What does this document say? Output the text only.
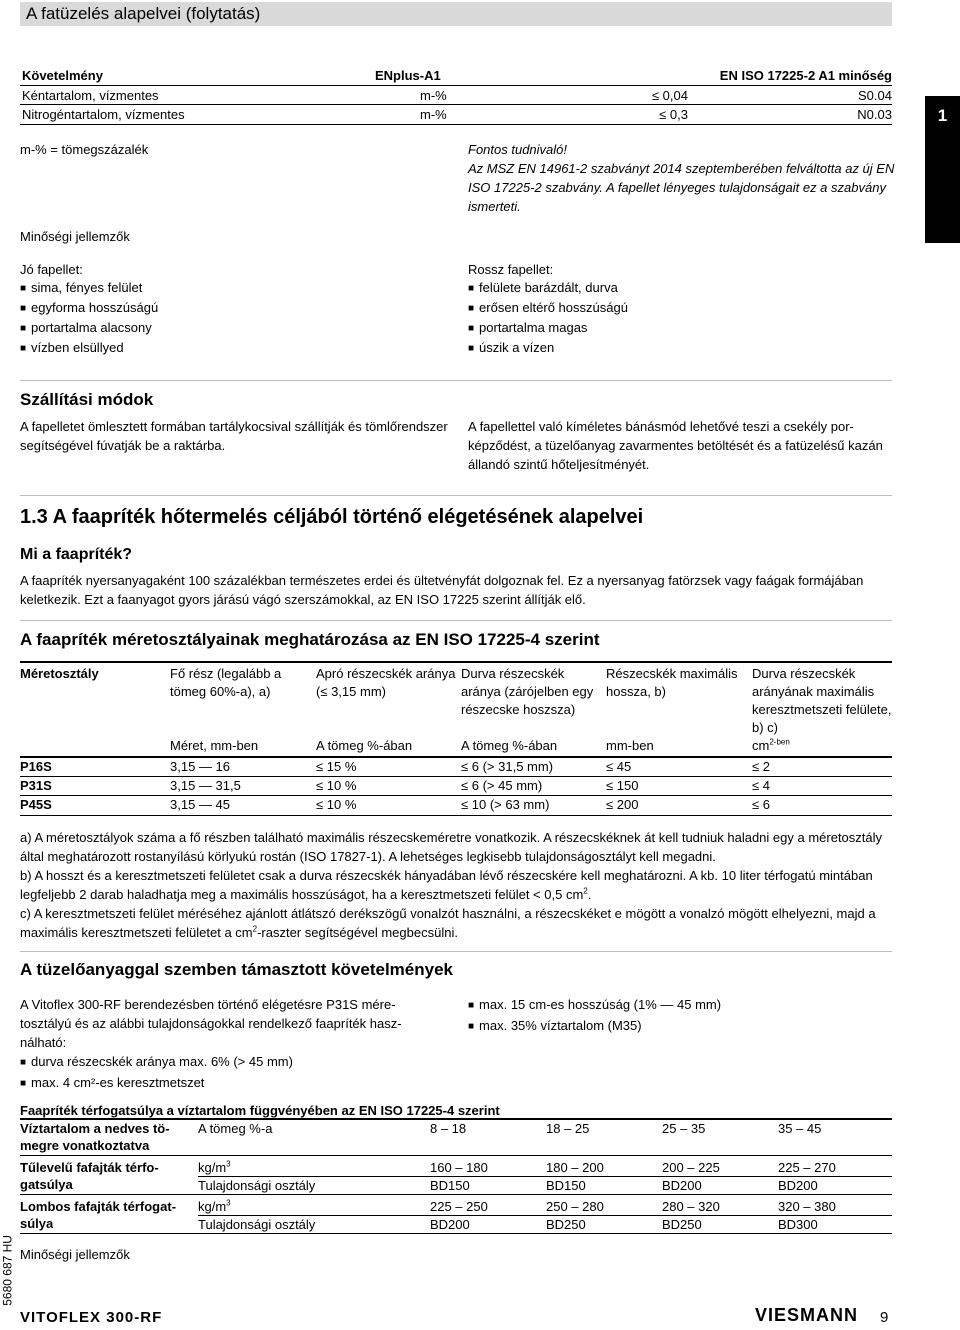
A fatüzelés alapelvei (folytatás)
1
Követelmény	ENplus-A1	EN ISO 17225-2 A1 minőség
Kéntartalom, vízmentes	m-%	≤ 0,04	S0.04
Nitrogéntartalom, vízmentes	m-%	≤ 0,3	N0.03
m-% = tömegszázalék	Fontos tudnivaló!
Az MSZ EN 14961-2 szabványt 2014 szeptemberében felváltotta az új EN ISO 17225-2 szabvány. A fapellet lényeges tulajdonságait ez a szabvány ismerteti.
Minőségi jellemzők
Jó fapellet:
■ sima, fényes felület
■ egyforma hosszúságú
■ portartalma alacsony
■ vízben elsüllyed
Rossz fapellet:
■ felülete barázdált, durva
■ erősen eltérő hosszúságú
■ portartalma magas
■ úszik a vízen
Szállítási módok
A fapelletet ömlesztett formában tartálykocsival szállítják és tömlőrendszer segítségével fúvatják be a raktárba.
A fapellettel való kíméletes bánásmód lehetővé teszi a csekély porképződést, a tüzelőanyag zavarmentes betöltését és a fatüzelésű kazán állandó szintű hőteljesítményét.
1.3 A faapríték hőtermelés céljából történő elégetésének alapelvei
Mi a faapríték?
A faapríték nyersanyagaként 100 százalékban természetes erdei és ültetvényfát dolgoznak fel. Ez a nyersanyag fatörzsek vagy faágak formájában keletkezik. Ezt a faanyagot gyors járású vágó szerszámokkal, az EN ISO 17225 szerint állítják elő.
A faapríték méretosztályainak meghatározása az EN ISO 17225-4 szerint
Méretosztály	Fő rész (legalább a tömeg 60%-a), a)	Apró részecskék aránya (≤ 3,15 mm)	Durva részecskék aránya (zárójelben egy részecske hoszsza)	Részecskék maximális hossza, b)	Durva részecskék arányának maximális keresztmetszeti felülete, b) c)
	Méret, mm-ben	A tömeg %-ában	A tömeg %-ában	mm-ben	$cm^{2-ben}$
P16S	3,15 — 16	≤ 15 %	≤ 6 (> 31,5 mm)	≤ 45	≤ 2
P31S	3,15 — 31,5	≤ 10 %	≤ 6 (> 45 mm)	≤ 150	≤ 4
P45S	3,15 — 45	≤ 10 %	≤ 10 (> 63 mm)	≤ 200	≤ 6
a) A méretosztályok száma a fő részben található maximális részecskeméretre vonatkozik. A részecskéknek át kell tudniuk haladni egy a méretosztály által meghatározott rostanyílású körlyukú rostán (ISO 17827-1). A lehetséges legkisebb tulajdonságosztályt kell megadni.
b) A hosszt és a keresztmetszeti felületet csak a durva részecskék hányadában lévő részecskére kell meghatározni. A kb. 10 liter térfogatú mintában legfeljebb 2 darab haladhatja meg a maximális hosszúságot, ha a keresztmetszeti felület < 0,5 $cm^2$.
c) A keresztmetszeti felület méréséhez ajánlott átlátszó derékszögű vonalzót használni, a részecskéket e mögött a vonalzó mögött elhelyezni, majd a maximális keresztmetszeti felületet a $cm^2$-raszter segítségével megbecsülni.
A tüzelőanyaggal szemben támasztott követelmények
A Vitoflex 300-RF berendezésben történő elégetésre P31S méretosztályú és az alábbi tulajdonságokkal rendelkező faapríték használható:
■ durva részecskék aránya max. 6% (> 45 mm)
■ max. 4 cm²-es keresztmetszet
■ max. 15 cm-es hosszúság (1% — 45 mm)
■ max. 35% víztartalom (M35)
Faapríték térfogatsúlya a víztartalom függvényében az EN ISO 17225-4 szerint
Víztartalom a nedves tömegre vonatkoztatva	A tömeg %-a	8 – 18	18 – 25	25 – 35	35 – 45
Tűlevelű fafajták térfogatsúlya	$kg/m^3$	160 – 180	180 – 200	200 – 225	225 – 270
	Tulajdonsági osztály	BD150	BD150	BD200	BD200
Lombos fafajták térfogatsúlya	$kg/m^3$	225 – 250	250 – 280	280 – 320	320 – 380
	Tulajdonsági osztály	BD200	BD250	BD250	BD300
Minőségi jellemzők
5680 687 HU
VITOFLEX 300-RF	VIESMANN 9
